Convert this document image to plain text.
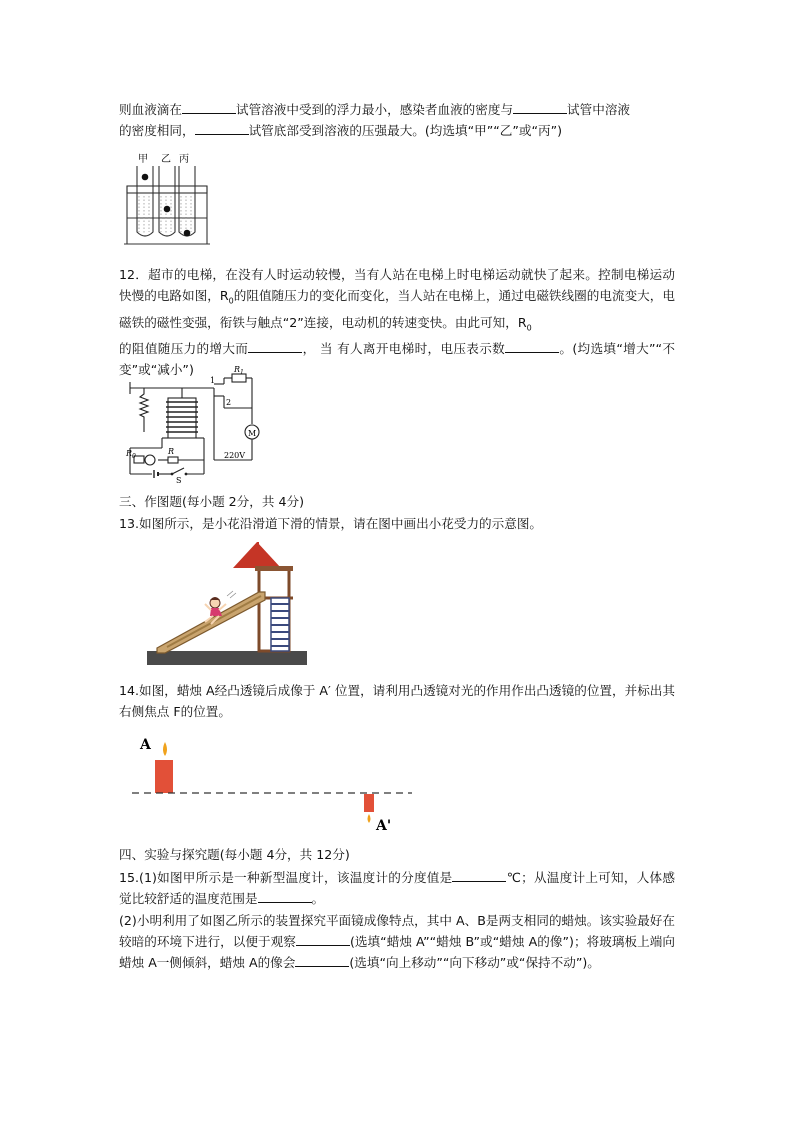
则血液滴在	试管溶液中受到的浮力最小，感染者血液的密度与	试管中溶液
的密度相同，	试管底部受到溶液的压强最大。(均选填“甲”“乙”或“丙”)

甲 乙 丙

12．超市的电梯，在没有人时运动较慢，当有人站在电梯上时电梯运动就快了起来。控制电梯运动快慢的电路如图，$R_0$的阻值随压力的变化而变化，当人站在电梯上，通过电磁铁线圈的电流变大，电磁铁的磁性变强，衔铁与触点“2”连接，电动机的转速变快。由此可知，$R_0$
的阻值随压力的增大而	， 当 有人离开电梯时，电压表示数	。(均选填“增大”“不变”或“减小”)

1
2
$R_1$
M
220V
R
$R_0$
S

三、作图题(每小题 2分，共 4分)

13.如图所示，是小花沿滑道下滑的情景，请在图中画出小花受力的示意图。

14.如图，蜡烛 A经凸透镜后成像于 A′ 位置，请利用凸透镜对光的作用作出凸透镜的位置，并标出其右侧焦点 F的位置。

A
A'

四、实验与探究题(每小题 4分，共 12分)

15.(1)如图甲所示是一种新型温度计，该温度计的分度值是	℃；从温度计上可知，人体感觉比较舒适的温度范围是	。

(2)小明利用了如图乙所示的装置探究平面镜成像特点，其中 A、B是两支相同的蜡烛。该实验最好在较暗的环境下进行，以便于观察	(选填“蜡烛 A”“蜡烛 B”或“蜡烛 A的像”)；将玻璃板上端向蜡烛 A一侧倾斜，蜡烛 A的像会	(选填“向上移动”“向下移动”或“保持不动”)。
